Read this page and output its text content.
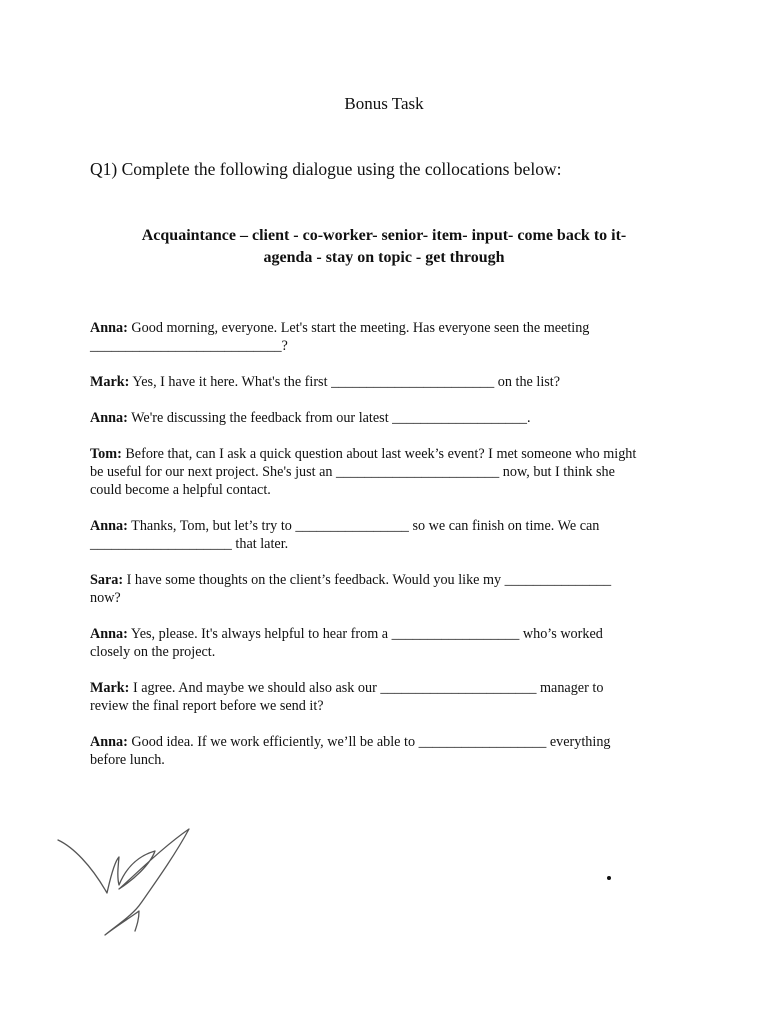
Bonus Task
Q1) Complete the following dialogue using the collocations below:
Acquaintance – client - co-worker- senior- item- input- come back to it-
agenda - stay on topic - get through

Anna: Good morning, everyone. Let's start the meeting. Has everyone seen the meeting
___________________________?

Mark: Yes, I have it here. What's the first _______________________ on the list?

Anna: We're discussing the feedback from our latest ___________________.

Tom: Before that, can I ask a quick question about last week’s event? I met someone who might
be useful for our next project. She's just an _______________________ now, but I think she
could become a helpful contact.

Anna: Thanks, Tom, but let’s try to ________________ so we can finish on time. We can
____________________ that later.

Sara: I have some thoughts on the client’s feedback. Would you like my _______________
now?

Anna: Yes, please. It's always helpful to hear from a __________________ who’s worked
closely on the project.

Mark: I agree. And maybe we should also ask our ______________________ manager to
review the final report before we send it?

Anna: Good idea. If we work efficiently, we’ll be able to __________________ everything
before lunch.
